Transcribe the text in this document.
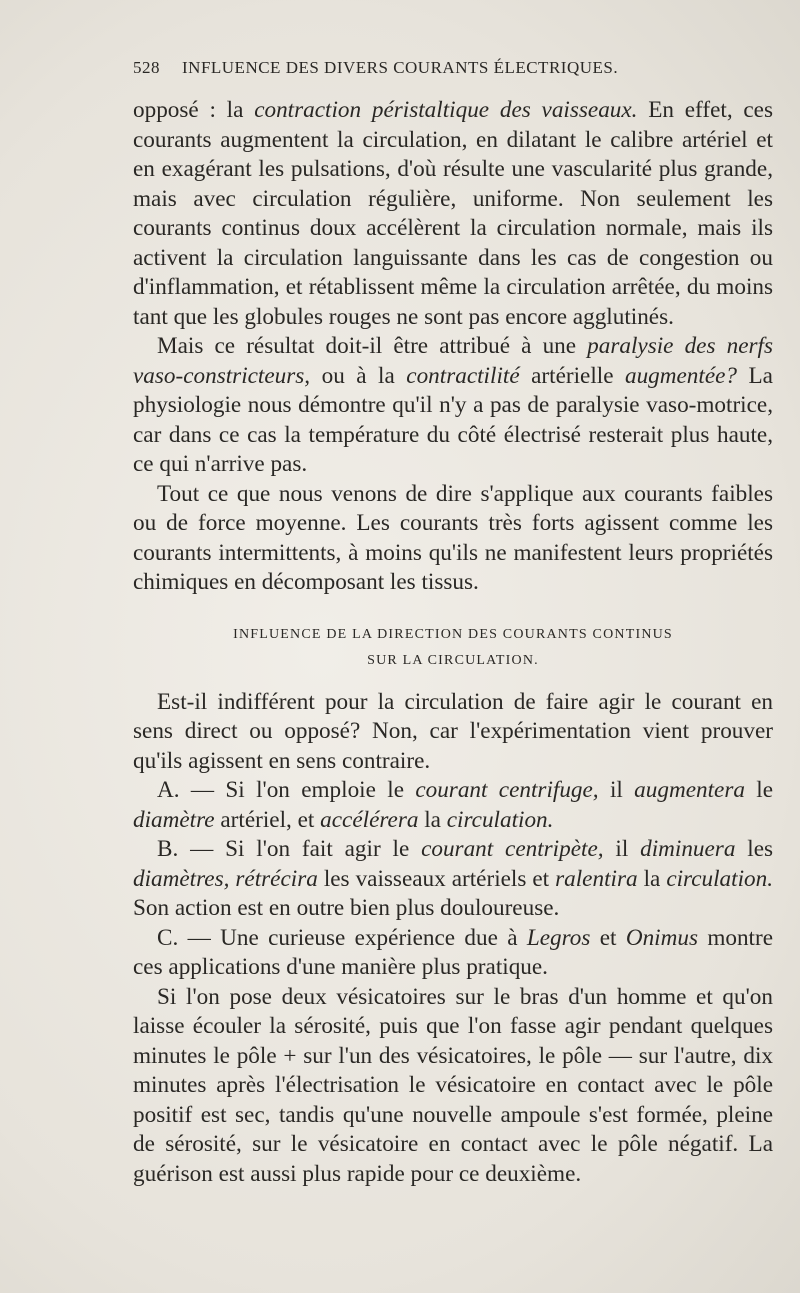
528 INFLUENCE DES DIVERS COURANTS ÉLECTRIQUES.

opposé : la contraction péristaltique des vaisseaux. En effet, ces courants augmentent la circulation, en dilatant le calibre artériel et en exagérant les pulsations, d'où résulte une vascularité plus grande, mais avec circulation régulière, uniforme. Non seulement les courants continus doux accélèrent la circulation normale, mais ils activent la circulation languissante dans les cas de congestion ou d'inflammation, et rétablissent même la circulation arrêtée, du moins tant que les globules rouges ne sont pas encore agglutinés.

Mais ce résultat doit-il être attribué à une paralysie des nerfs vaso-constricteurs, ou à la contractilité artérielle augmentée? La physiologie nous démontre qu'il n'y a pas de paralysie vaso-motrice, car dans ce cas la température du côté électrisé resterait plus haute, ce qui n'arrive pas.

Tout ce que nous venons de dire s'applique aux courants faibles ou de force moyenne. Les courants très forts agissent comme les courants intermittents, à moins qu'ils ne manifestent leurs propriétés chimiques en décomposant les tissus.

INFLUENCE DE LA DIRECTION DES COURANTS CONTINUS
SUR LA CIRCULATION.

Est-il indifférent pour la circulation de faire agir le courant en sens direct ou opposé? Non, car l'expérimentation vient prouver qu'ils agissent en sens contraire.

A. — Si l'on emploie le courant centrifuge, il augmentera le diamètre artériel, et accélérera la circulation.

B. — Si l'on fait agir le courant centripète, il diminuera les diamètres, rétrécira les vaisseaux artériels et ralentira la circulation. Son action est en outre bien plus douloureuse.

C. — Une curieuse expérience due à Legros et Onimus montre ces applications d'une manière plus pratique.

Si l'on pose deux vésicatoires sur le bras d'un homme et qu'on laisse écouler la sérosité, puis que l'on fasse agir pendant quelques minutes le pôle + sur l'un des vésicatoires, le pôle — sur l'autre, dix minutes après l'électrisation le vésicatoire en contact avec le pôle positif est sec, tandis qu'une nouvelle ampoule s'est formée, pleine de sérosité, sur le vésicatoire en contact avec le pôle négatif. La guérison est aussi plus rapide pour ce deuxième.
